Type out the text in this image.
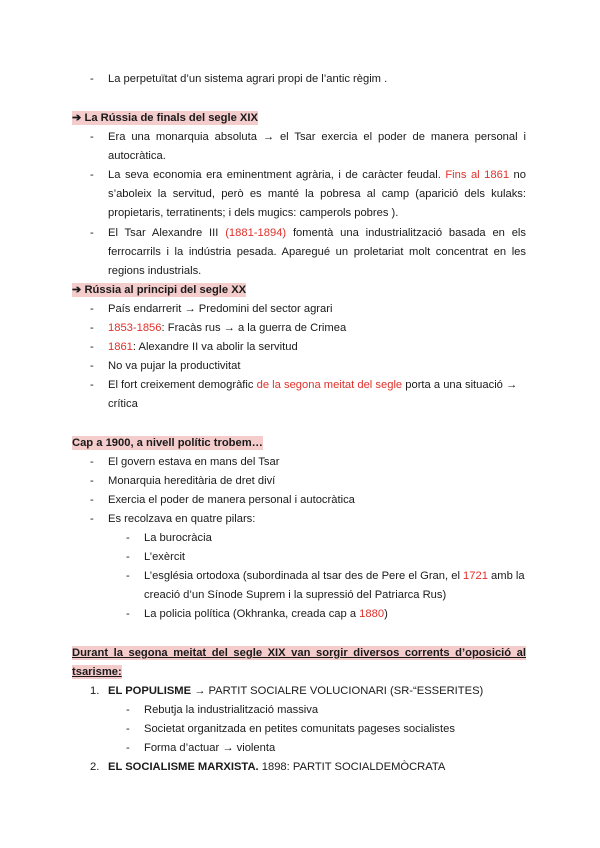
- La perpetuïtat d’un sistema agrari propi de l’antic règim .
➔ La Rússia de finals del segle XIX
- Era una monarquia absoluta → el Tsar exercia el poder de manera personal i
autocràtica.
- La seva economia era eminentment agrària, i de caràcter feudal. Fins al 1861 no
s’aboleix la servitud, però es manté la pobresa al camp (aparició dels kulaks:
propietaris, terratinents; i dels mugics: camperols pobres ).
- El Tsar Alexandre III (1881-1894) fomentà una industrialització basada en els
ferrocarrils i la indústria pesada. Aparegué un proletariat molt concentrat en les
regions industrials.
➔ Rússia al principi del segle XX
- País endarrerit → Predomini del sector agrari
- 1853-1856: Fracàs rus → a la guerra de Crimea
- 1861: Alexandre II va abolir la servitud
- No va pujar la productivitat
- El fort creixement demogràfic de la segona meitat del segle porta a una situació →
crítica
Cap a 1900, a nivell polític trobem…
- El govern estava en mans del Tsar
- Monarquia hereditària de dret diví
- Exercia el poder de manera personal i autocràtica
- Es recolzava en quatre pilars:
- La burocràcia
- L’exèrcit
- L’església ortodoxa (subordinada al tsar des de Pere el Gran, el 1721 amb la
creació d’un Sínode Suprem i la supressió del Patriarca Rus)
- La policia política (Okhranka, creada cap a 1880)
Durant la segona meitat del segle XIX van sorgir diversos corrents d’oposició al
tsarisme:
1. EL POPULISME → PARTIT SOCIALRE VOLUCIONARI (SR-“ESSERITES)
- Rebutja la industrialització massiva
- Societat organitzada en petites comunitats pageses socialistes
- Forma d’actuar → violenta
2. EL SOCIALISME MARXISTA. 1898: PARTIT SOCIALDEMÒCRATA
